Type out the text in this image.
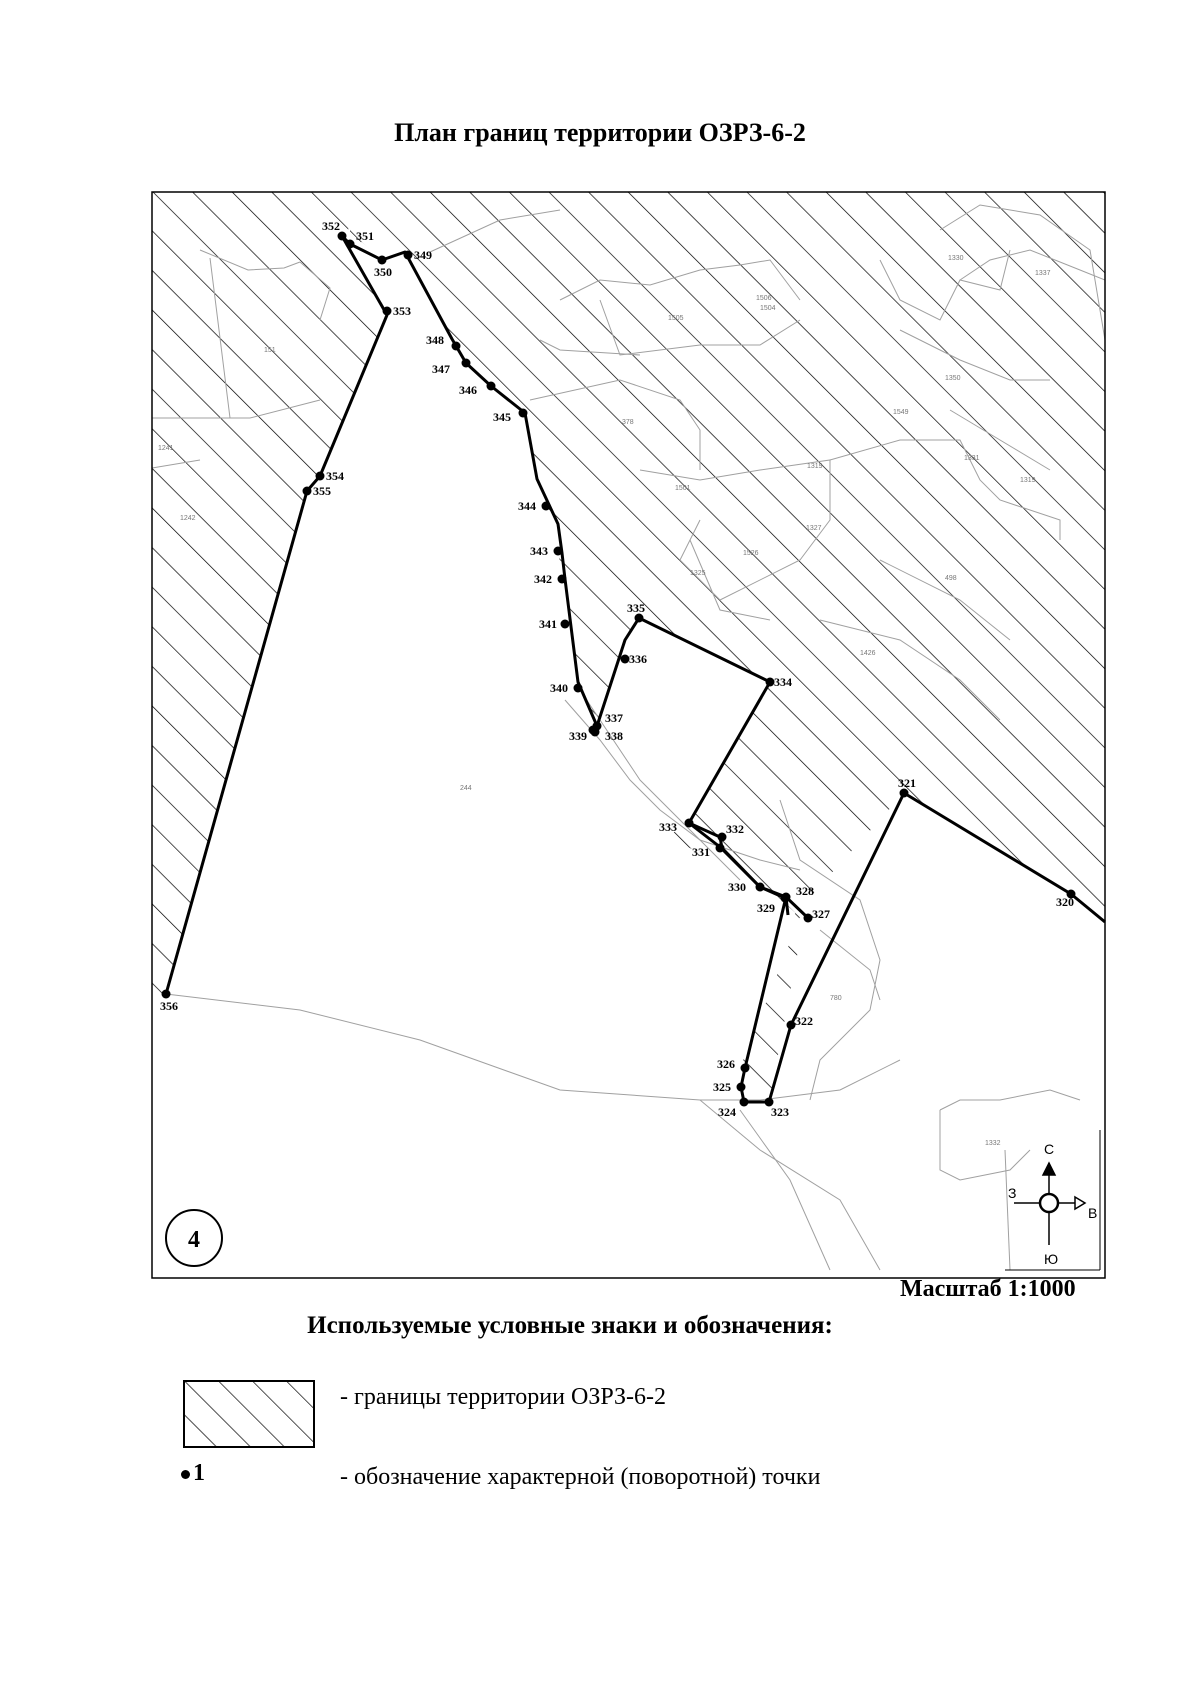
План границ территории ОЗРЗ-6-2
151
1241
1242
1330
1337
1350
1549
1331
1319
1319
378
1501
1505
1506
1504
1327
1526
1325
498
1426
244
780
1332
320
321
322
323
324
325
326
327
328
329
330
331
332
333
334
335
336
337
338
339
340
341
342
343
344
345
346
347
348
349
350
351
352
353
354
355
356
4
С
З
В
Ю
Масштаб 1:1000
Используемые условные знаки и обозначения:
- границы территории ОЗРЗ-6-2
1	- обозначение характерной (поворотной) точки
